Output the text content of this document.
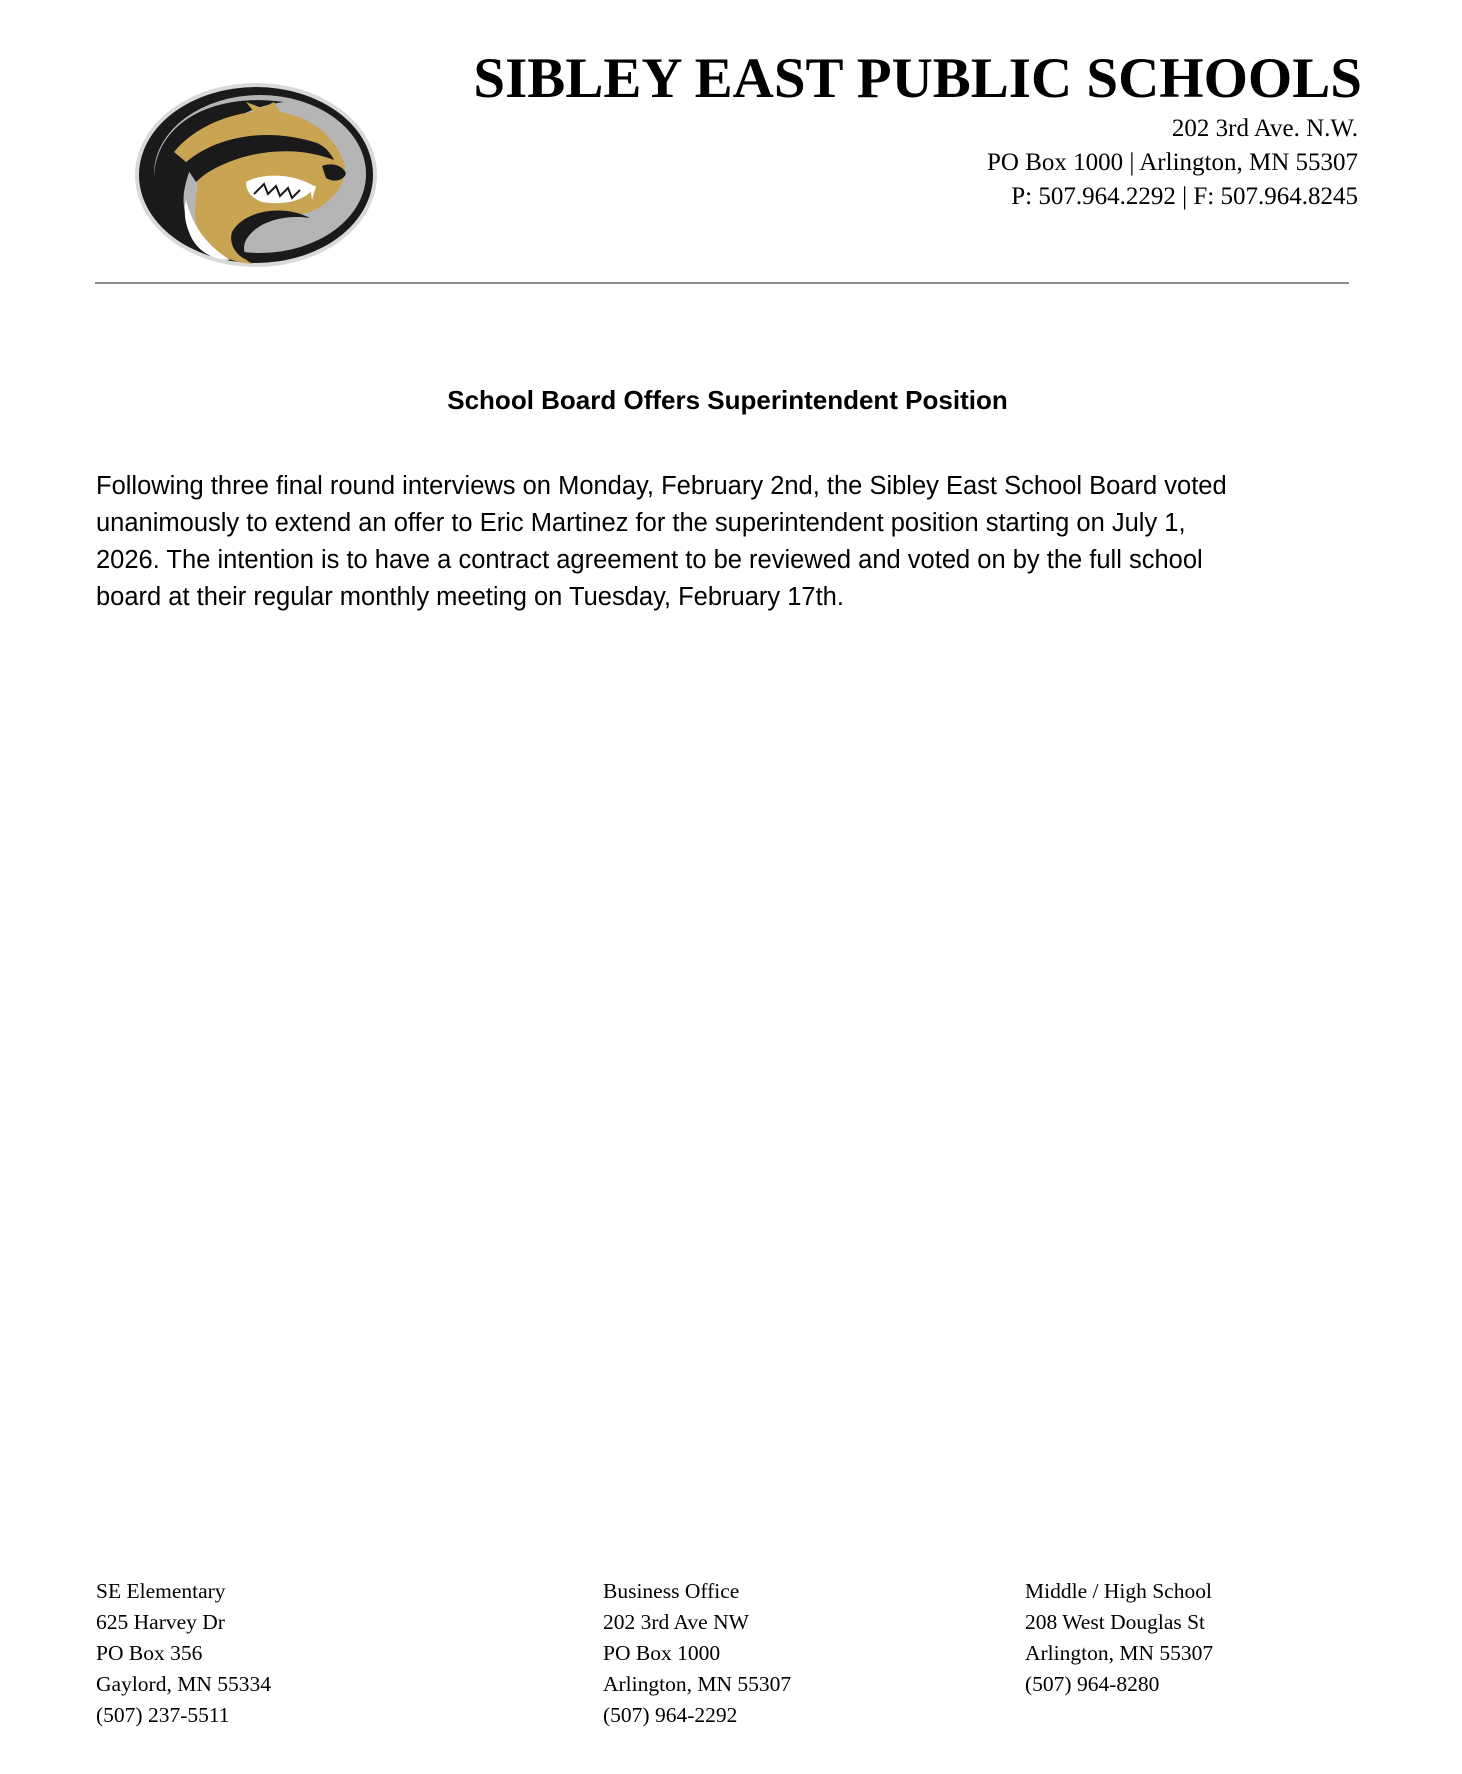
SIBLEY EAST PUBLIC SCHOOLS
202 3rd Ave. N.W.
PO Box 1000 | Arlington, MN 55307
P: 507.964.2292 | F: 507.964.8245
School Board Offers Superintendent Position

Following three final round interviews on Monday, February 2nd, the Sibley East School Board voted
unanimously to extend an offer to Eric Martinez for the superintendent position starting on July 1,
2026. The intention is to have a contract agreement to be reviewed and voted on by the full school
board at their regular monthly meeting on Tuesday, February 17th.

SE Elementary
625 Harvey Dr
PO Box 356
Gaylord, MN 55334
(507) 237-5511
Business Office
202 3rd Ave NW
PO Box 1000
Arlington, MN 55307
(507) 964-2292
Middle / High School
208 West Douglas St
Arlington, MN 55307
(507) 964-8280
